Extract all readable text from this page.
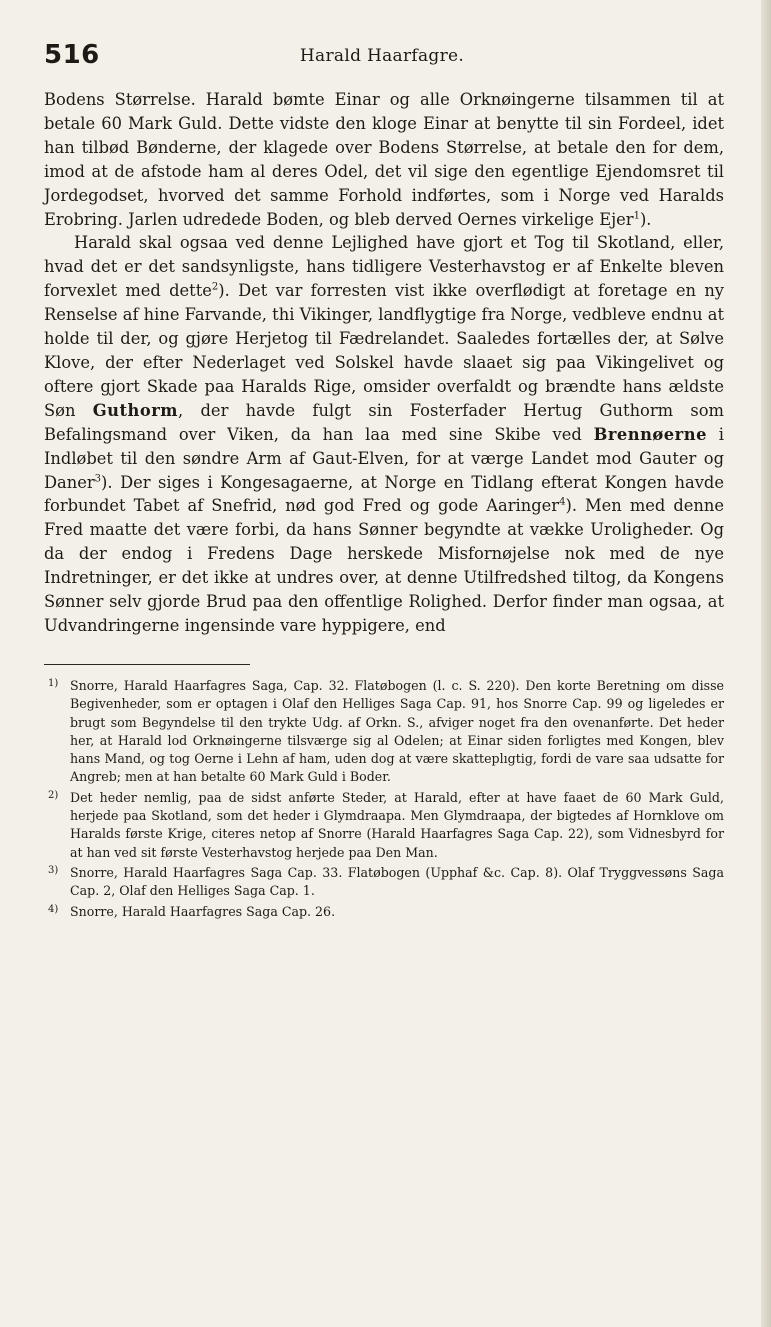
516	Harald Haarfagre.

Bodens Størrelse. Harald bømte Einar og alle Orknøingerne tilsammen til at betale 60 Mark Guld. Dette vidste den kloge Einar at benytte til sin Fordeel, idet han tilbød Bønderne, der klagede over Bodens Størrelse, at betale den for dem, imod at de afstode ham al deres Odel, det vil sige den egentlige Ejendomsret til Jordegodset, hvorved det samme Forhold indførtes, som i Norge ved Haralds Erobring. Jarlen udredede Boden, og bleb derved Oernes virkelige Ejer$^1$).

Harald skal ogsaa ved denne Lejlighed have gjort et Tog til Skotland, eller, hvad det er det sandsynligste, hans tidligere Vesterhavstog er af Enkelte bleven forvexlet med dette$^2$). Det var forresten vist ikke overflødigt at foretage en ny Renselse af hine Farvande, thi Vikinger, landflygtige fra Norge, vedbleve endnu at holde til der, og gjøre Herjetog til Fædrelandet. Saaledes fortælles der, at Sølve Klove, der efter Nederlaget ved Solskel havde slaaet sig paa Vikingelivet og oftere gjort Skade paa Haralds Rige, omsider overfaldt og brændte hans ældste Søn Guthorm, der havde fulgt sin Fosterfader Hertug Guthorm som Befalingsmand over Viken, da han laa med sine Skibe ved Brennøerne i Indløbet til den søndre Arm af Gaut-Elven, for at værge Landet mod Gauter og Daner$^3$). Der siges i Kongesagaerne, at Norge en Tidlang efterat Kongen havde forbundet Tabet af Snefrid, nød god Fred og gode Aaringer$^4$). Men med denne Fred maatte det være forbi, da hans Sønner begyndte at vække Uroligheder. Og da der endog i Fredens Dage herskede Misfornøjelse nok med de nye Indretninger, er det ikke at undres over, at denne Utilfredshed tiltog, da Kongens Sønner selv gjorde Brud paa den offentlige Rolighed. Derfor finder man ogsaa, at Udvandringerne ingensinde vare hyppigere, end

1) Snorre, Harald Haarfagres Saga, Cap. 32. Flatøbogen (l. c. S. 220). Den korte Beretning om disse Begivenheder, som er optagen i Olaf den Helliges Saga Cap. 91, hos Snorre Cap. 99 og ligeledes er brugt som Begyndelse til den trykte Udg. af Orkn. S., afviger noget fra den ovenanførte. Det heder her, at Harald lod Orknøingerne tilsværge sig al Odelen; at Einar siden forligtes med Kongen, blev hans Mand, og tog Oerne i Lehn af ham, uden dog at være skatteplıgtig, fordi de vare saa udsatte for Angreb; men at han betalte 60 Mark Guld i Boder.
2) Det heder nemlig, paa de sidst anførte Steder, at Harald, efter at have faaet de 60 Mark Guld, herjede paa Skotland, som det heder i Glymdraapa. Men Glymdraapa, der bigtedes af Hornklove om Haralds første Krige, citeres netop af Snorre (Harald Haarfagres Saga Cap. 22), som Vidnesbyrd for at han ved sit første Vesterhavstog herjede paa Den Man.
3) Snorre, Harald Haarfagres Saga Cap. 33. Flatøbogen (Upphaf &c. Cap. 8). Olaf Tryggvessøns Saga Cap. 2, Olaf den Helliges Saga Cap. 1.
4) Snorre, Harald Haarfagres Saga Cap. 26.
